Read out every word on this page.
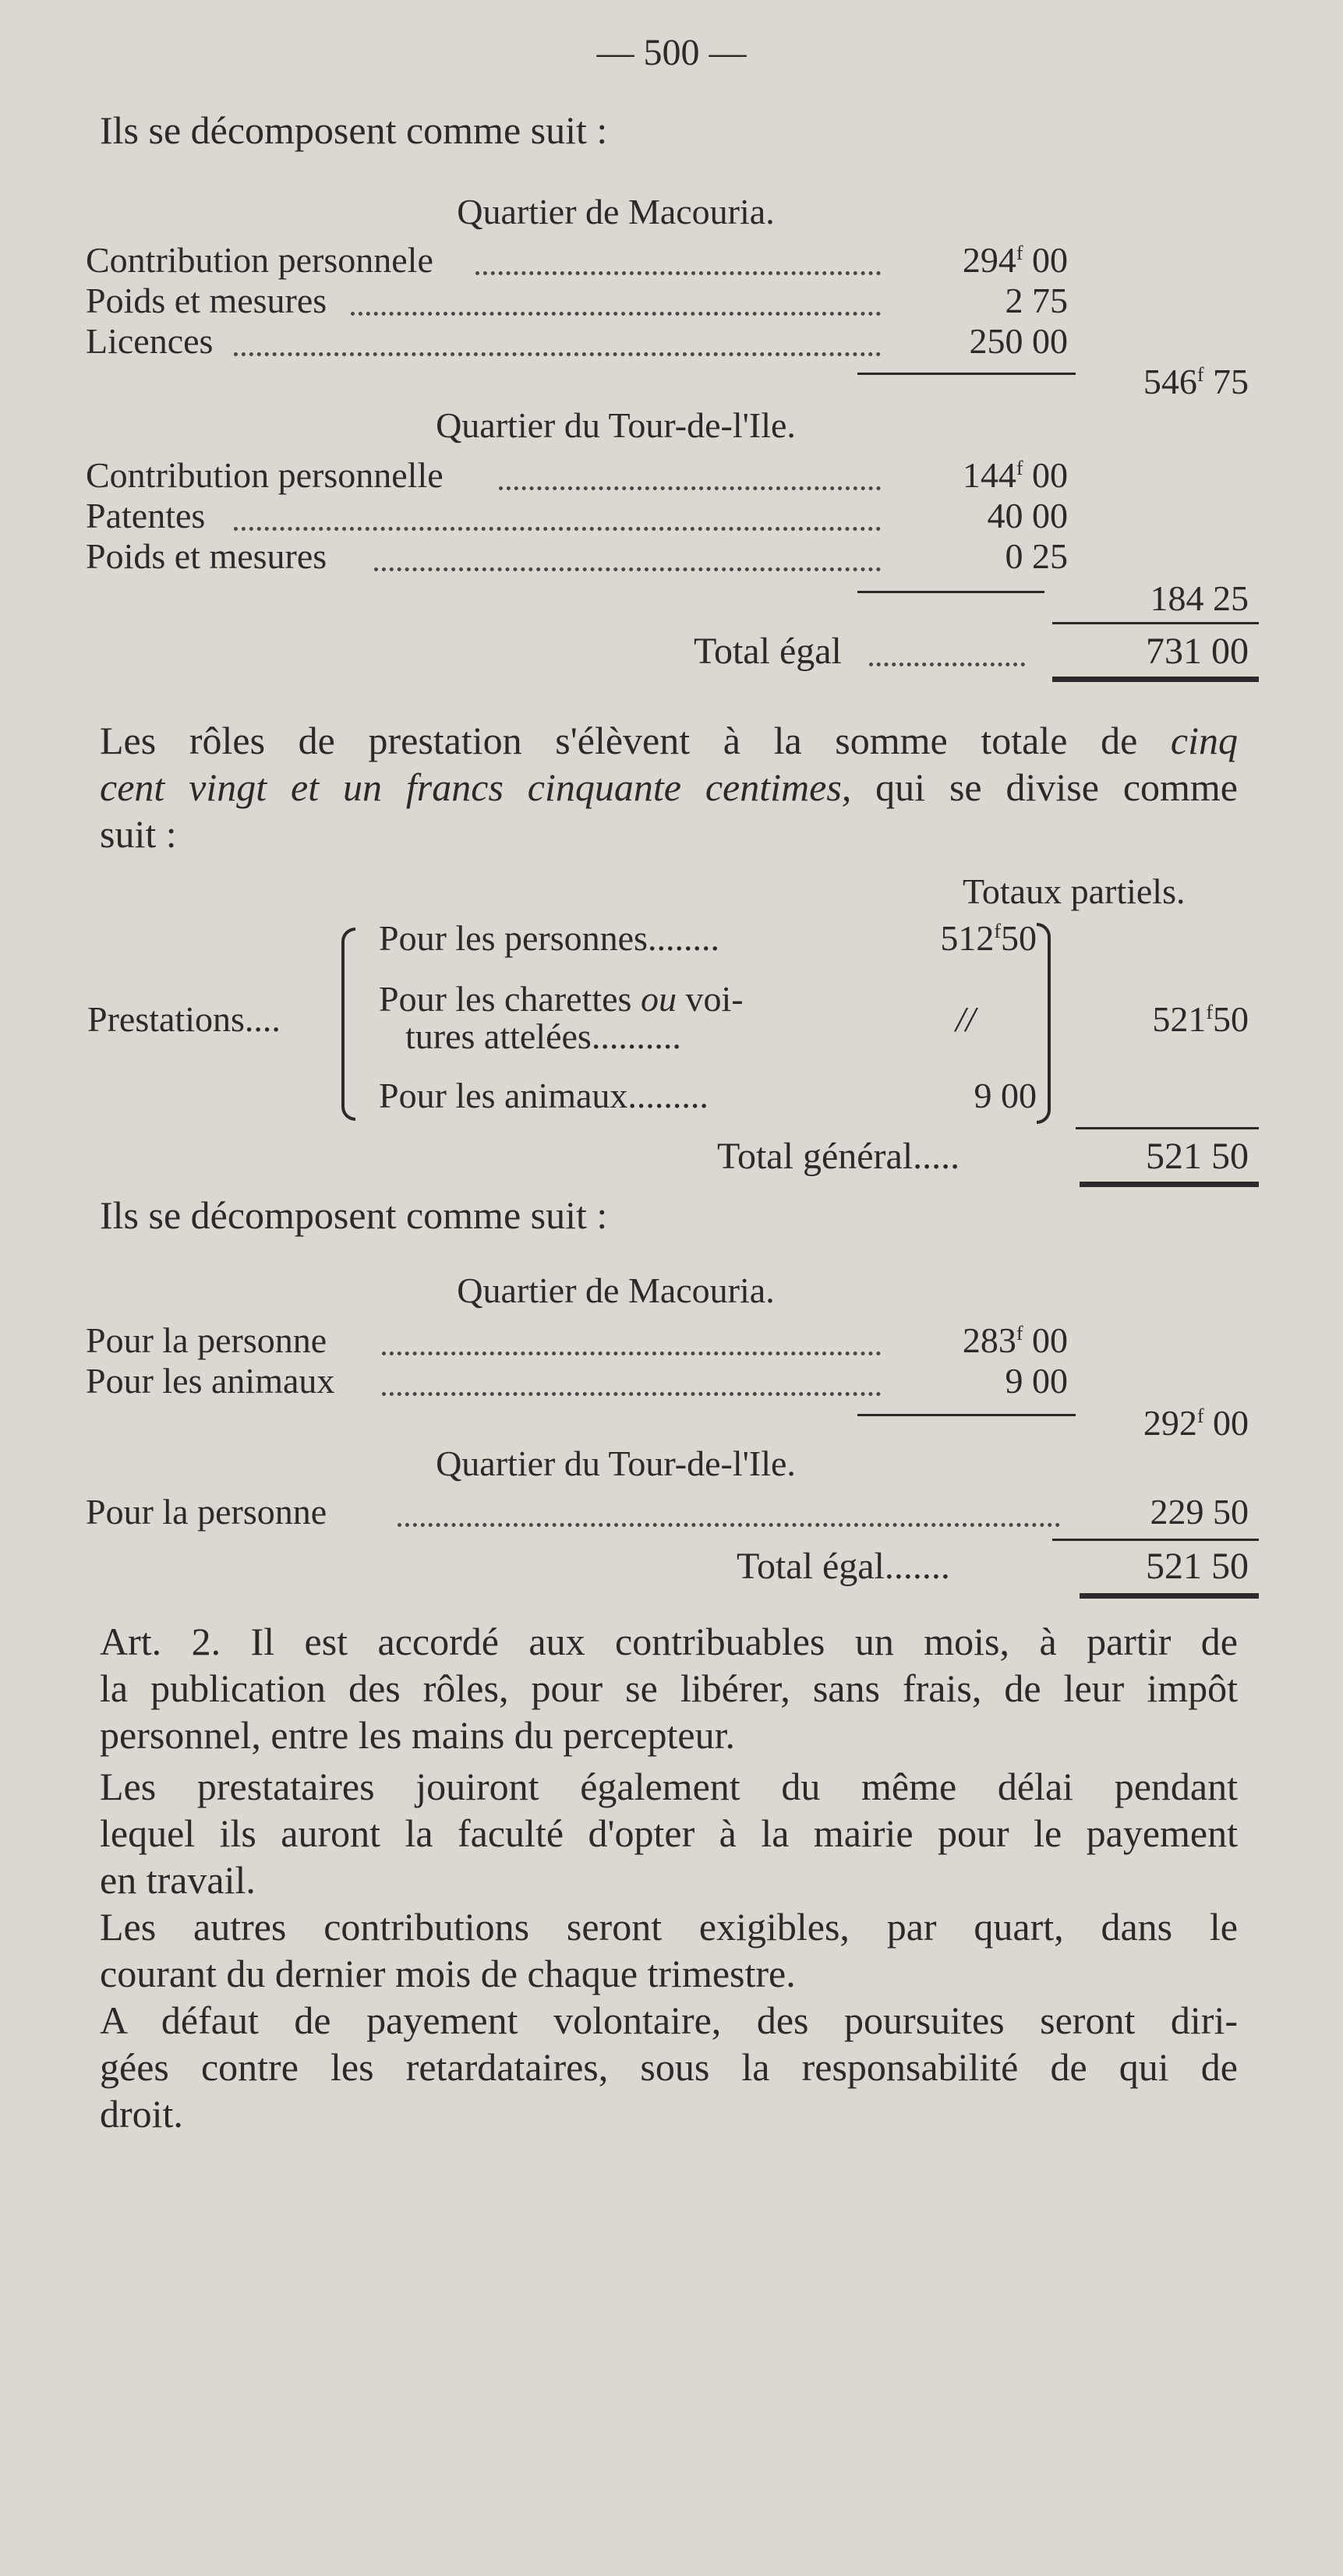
— 500 —
Ils se décomposent comme suit :
Quartier de Macouria.
Contribution personnele	294$^f$ 00
Poids et mesures	2 75
Licences	250 00
546$^f$ 75
Quartier du Tour-de-l'Ile.
Contribution personnelle	144$^f$ 00
Patentes	40 00
Poids et mesures	0 25
184 25
Total égal	731 00
Les rôles de prestation s'élèvent à la somme totale de cinq
cent vingt et un francs cinquante centimes, qui se divise comme
suit :
Totaux partiels.
Prestations....
Pour les personnes........	512$^f$50
Pour les charettes ou voi-
tures attelées..........	//
Pour les animaux.........	9 00
521$^f$50
Total général.....	521 50
Ils se décomposent comme suit :
Quartier de Macouria.
Pour la personne	283$^f$ 00
Pour les animaux	9 00
292$^f$ 00
Quartier du Tour-de-l'Ile.
Pour la personne	229 50
Total égal.......	521 50
Art. 2. Il est accordé aux contribuables un mois, à partir de
la publication des rôles, pour se libérer, sans frais, de leur impôt
personnel, entre les mains du percepteur.
Les prestataires jouiront également du même délai pendant
lequel ils auront la faculté d'opter à la mairie pour le payement
en travail.
Les autres contributions seront exigibles, par quart, dans le
courant du dernier mois de chaque trimestre.
A défaut de payement volontaire, des poursuites seront diri-
gées contre les retardataires, sous la responsabilité de qui de
droit.
